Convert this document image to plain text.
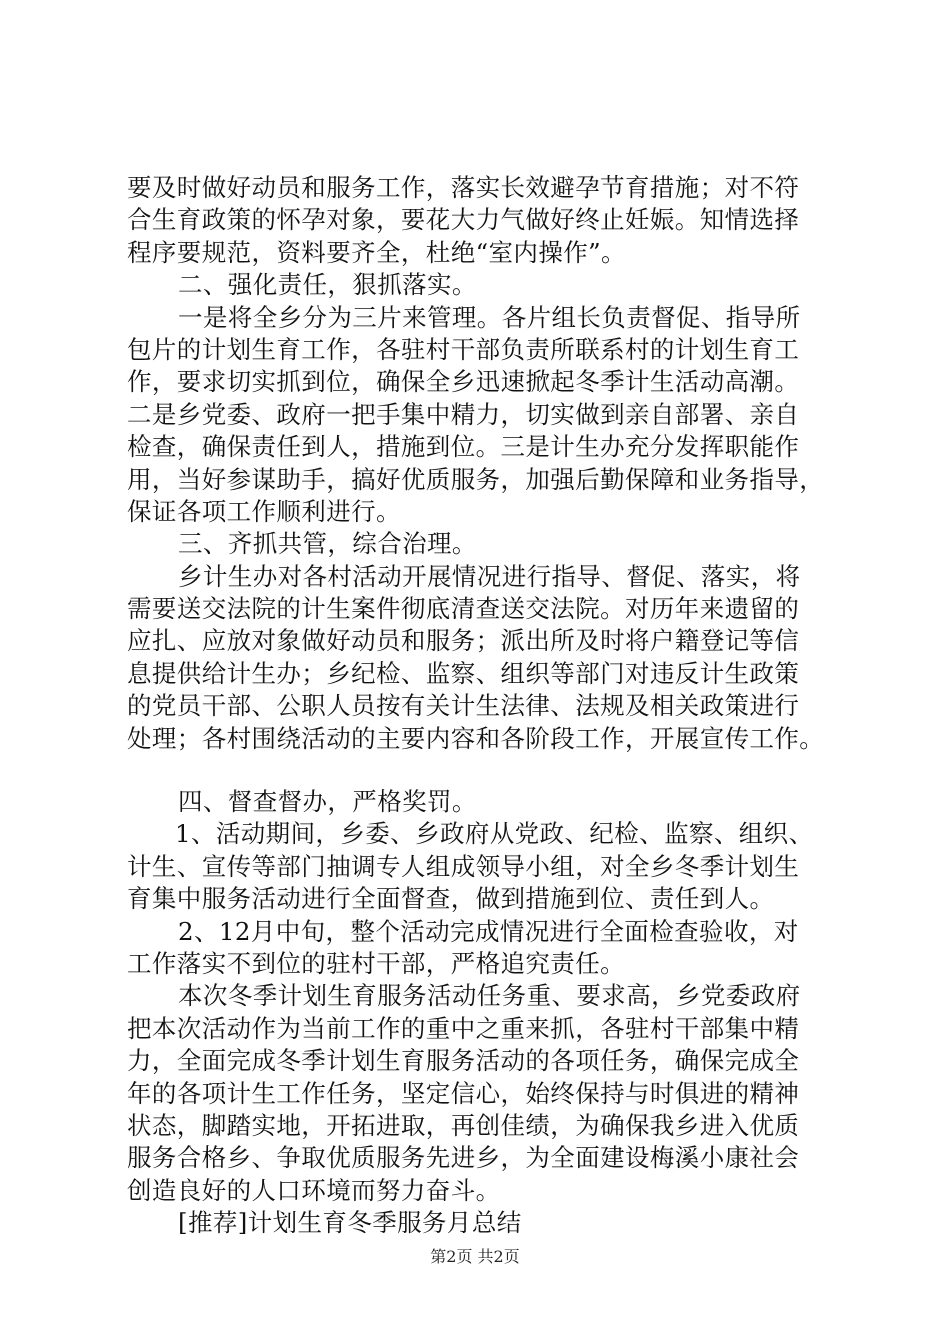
要及时做好动员和服务工作，落实长效避孕节育措施；对不符
合生育政策的怀孕对象，要花大力气做好终止妊娠。知情选择
程序要规范，资料要齐全，杜绝“室内操作”。
二、强化责任，狠抓落实。
一是将全乡分为三片来管理。各片组长负责督促、指导所
包片的计划生育工作，各驻村干部负责所联系村的计划生育工
作，要求切实抓到位，确保全乡迅速掀起冬季计生活动高潮。
二是乡党委、政府一把手集中精力，切实做到亲自部署、亲自
检查，确保责任到人，措施到位。三是计生办充分发挥职能作
用，当好参谋助手，搞好优质服务，加强后勤保障和业务指导，
保证各项工作顺利进行。
三、齐抓共管，综合治理。
乡计生办对各村活动开展情况进行指导、督促、落实，将
需要送交法院的计生案件彻底清查送交法院。对历年来遗留的
应扎、应放对象做好动员和服务；派出所及时将户籍登记等信
息提供给计生办；乡纪检、监察、组织等部门对违反计生政策
的党员干部、公职人员按有关计生法律、法规及相关政策进行
处理；各村围绕活动的主要内容和各阶段工作，开展宣传工作。
四、督查督办，严格奖罚。
1、活动期间，乡委、乡政府从党政、纪检、监察、组织、
计生、宣传等部门抽调专人组成领导小组，对全乡冬季计划生
育集中服务活动进行全面督查，做到措施到位、责任到人。
2、12月中旬，整个活动完成情况进行全面检查验收，对
工作落实不到位的驻村干部，严格追究责任。
本次冬季计划生育服务活动任务重、要求高，乡党委政府
把本次活动作为当前工作的重中之重来抓，各驻村干部集中精
力，全面完成冬季计划生育服务活动的各项任务，确保完成全
年的各项计生工作任务，坚定信心，始终保持与时俱进的精神
状态，脚踏实地，开拓进取，再创佳绩，为确保我乡进入优质
服务合格乡、争取优质服务先进乡，为全面建设梅溪小康社会
创造良好的人口环境而努力奋斗。
[推荐]计划生育冬季服务月总结
第2页 共2页
